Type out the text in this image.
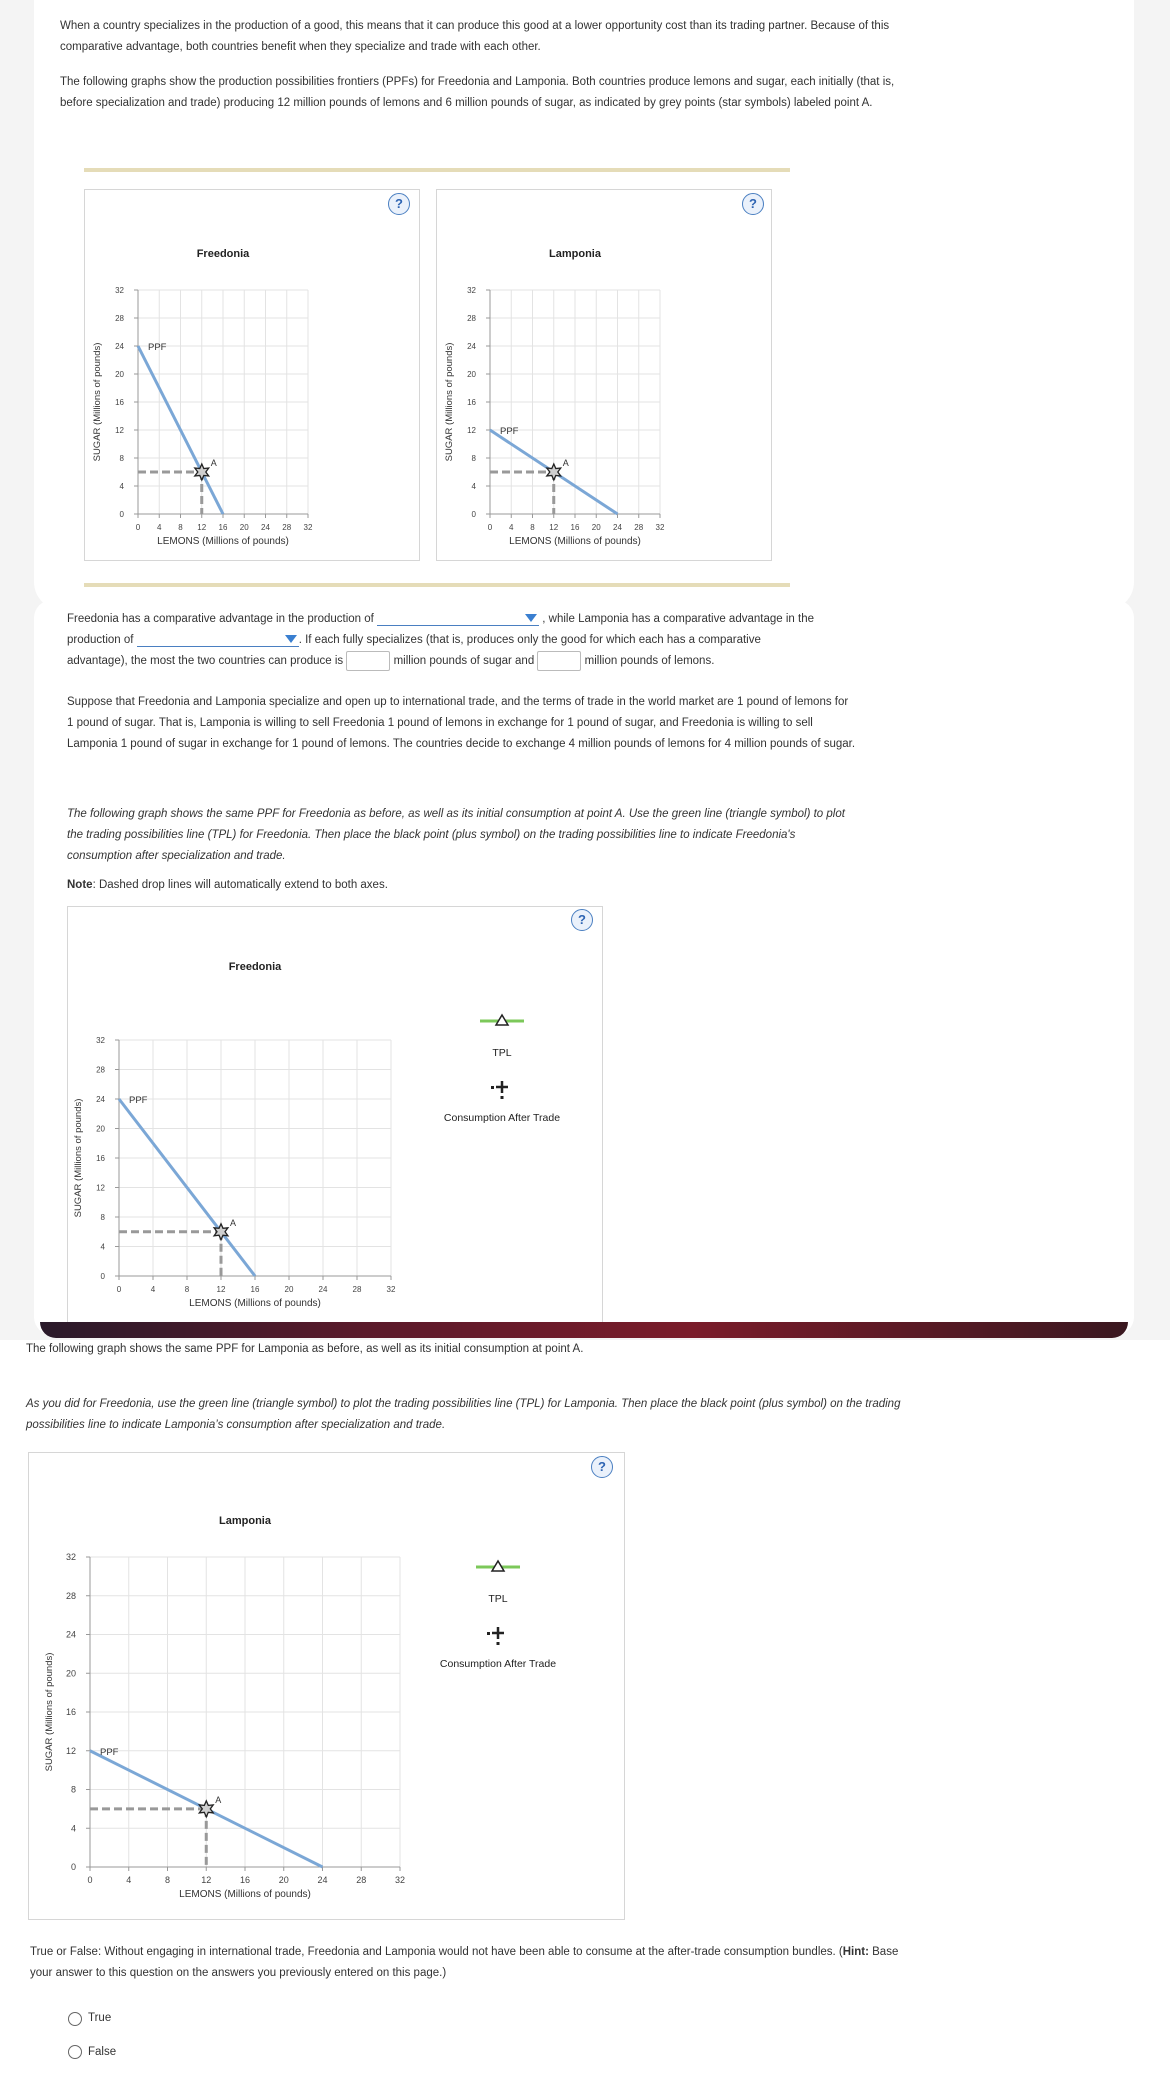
When a country specializes in the production of a good, this means that it can produce this good at a lower opportunity cost than its trading partner. Because of this comparative advantage, both countries benefit when they specialize and trade with each other.
The following graphs show the production possibilities frontiers (PPFs) for Freedonia and Lamponia. Both countries produce lemons and sugar, each initially (that is, before specialization and trade) producing 12 million pounds of lemons and 6 million pounds of sugar, as indicated by grey points (star symbols) labeled point A.
?
Freedonia
0 4 8 12 16 20 24 28 32
0
4
8
12
16
20
24
28
32
LEMONS (Millions of pounds)
SUGAR (Millions of pounds)	PPF
A
?
Lamponia
0 4 8 12 16 20 24 28 32
0
4
8
12
16
20
24
28
32
LEMONS (Millions of pounds)
SUGAR (Millions of pounds)	PPF
A
Freedonia has a comparative advantage in the production of	, while Lamponia has a comparative advantage in the
production of	. If each fully specializes (that is, produces only the good for which each has a comparative
advantage), the most the two countries can produce is	million pounds of sugar and	million pounds of lemons.
Suppose that Freedonia and Lamponia specialize and open up to international trade, and the terms of trade in the world market are 1 pound of lemons for 1 pound of sugar. That is, Lamponia is willing to sell Freedonia 1 pound of lemons in exchange for 1 pound of sugar, and Freedonia is willing to sell Lamponia 1 pound of sugar in exchange for 1 pound of lemons. The countries decide to exchange 4 million pounds of lemons for 4 million pounds of sugar.
The following graph shows the same PPF for Freedonia as before, as well as its initial consumption at point A. Use the green line (triangle symbol) to plot the trading possibilities line (TPL) for Freedonia. Then place the black point (plus symbol) on the trading possibilities line to indicate Freedonia's consumption after specialization and trade.
Note: Dashed drop lines will automatically extend to both axes.
?
Freedonia
0	4	8	12	16	20	24	28	32
0
4
8
12
16
20
24
28
32
LEMONS (Millions of pounds)
SUGAR (Millions of pounds)	PPF
A
TPL
Consumption After Trade
The following graph shows the same PPF for Lamponia as before, as well as its initial consumption at point A.
As you did for Freedonia, use the green line (triangle symbol) to plot the trading possibilities line (TPL) for Lamponia. Then place the black point (plus symbol) on the trading possibilities line to indicate Lamponia’s consumption after specialization and trade.
?
Lamponia
0	4	8	12	16	20	24	28	32
0
4
8
12
16
20
24
28
32
LEMONS (Millions of pounds)
SUGAR (Millions of pounds)	PPF
A
TPL
Consumption After Trade
True or False: Without engaging in international trade, Freedonia and Lamponia would not have been able to consume at the after-trade consumption bundles. (Hint: Base your answer to this question on the answers you previously entered on this page.)
True
False
